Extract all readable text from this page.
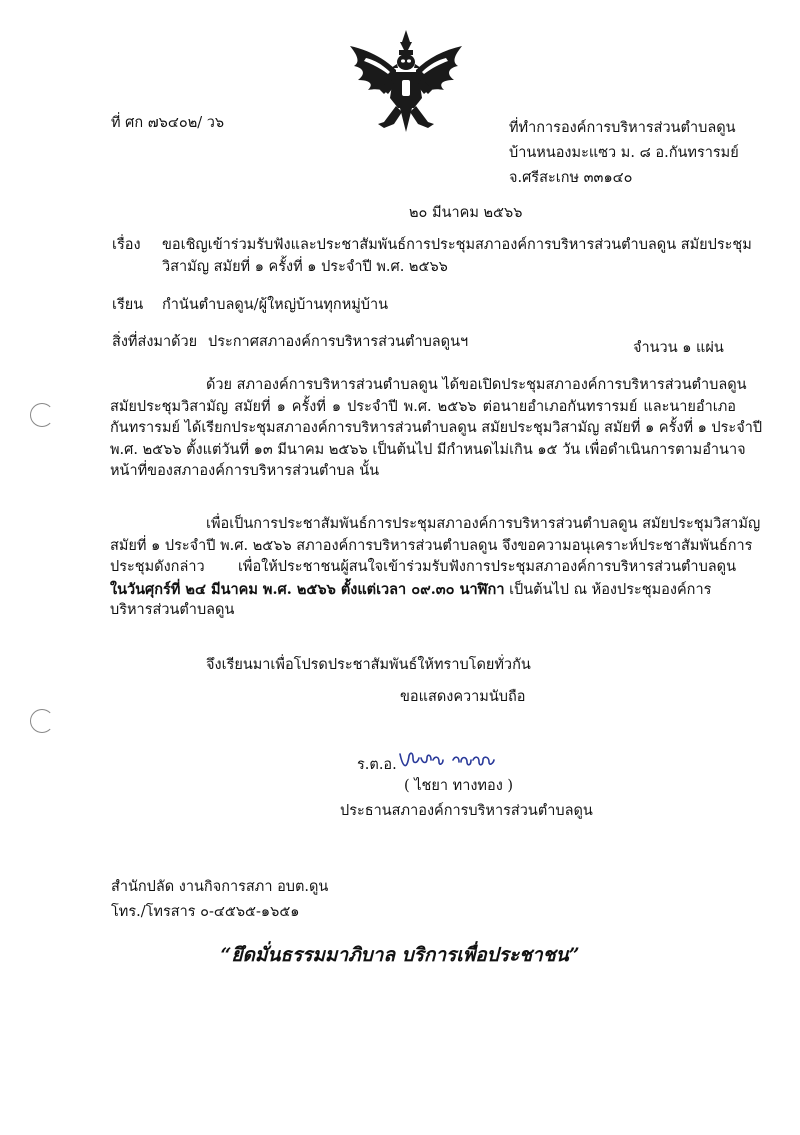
ที่ ศก ๗๖๔๐๒/ ว๖	ที่ทำการองค์การบริหารส่วนตำบลดูน
บ้านหนองมะแซว ม. ๘ อ.กันทรารมย์
จ.ศรีสะเกษ ๓๓๑๔๐
๒๐ มีนาคม ๒๕๖๖
เรื่อง ขอเชิญเข้าร่วมรับฟังและประชาสัมพันธ์การประชุมสภาองค์การบริหารส่วนตำบลดูน สมัยประชุม
วิสามัญ สมัยที่ ๑ ครั้งที่ ๑ ประจำปี พ.ศ. ๒๕๖๖
เรียน กำนันตำบลดูน/ผู้ใหญ่บ้านทุกหมู่บ้าน
สิ่งที่ส่งมาด้วย ประกาศสภาองค์การบริหารส่วนตำบลดูนฯ	จำนวน ๑ แผ่น
ด้วย สภาองค์การบริหารส่วนตำบลดูน ได้ขอเปิดประชุมสภาองค์การบริหารส่วนตำบลดูน
สมัยประชุมวิสามัญ สมัยที่ ๑ ครั้งที่ ๑ ประจำปี พ.ศ. ๒๕๖๖ ต่อนายอำเภอกันทรารมย์ และนายอำเภอ
กันทรารมย์ ได้เรียกประชุมสภาองค์การบริหารส่วนตำบลดูน สมัยประชุมวิสามัญ สมัยที่ ๑ ครั้งที่ ๑ ประจำปี
พ.ศ. ๒๕๖๖ ตั้งแต่วันที่ ๑๓ มีนาคม ๒๕๖๖ เป็นต้นไป มีกำหนดไม่เกิน ๑๕ วัน เพื่อดำเนินการตามอำนาจ
หน้าที่ของสภาองค์การบริหารส่วนตำบล นั้น
เพื่อเป็นการประชาสัมพันธ์การประชุมสภาองค์การบริหารส่วนตำบลดูน สมัยประชุมวิสามัญ
สมัยที่ ๑ ประจำปี พ.ศ. ๒๕๖๖ สภาองค์การบริหารส่วนตำบลดูน จึงขอความอนุเคราะห์ประชาสัมพันธ์การ
ประชุมดังกล่าว เพื่อให้ประชาชนผู้สนใจเข้าร่วมรับฟังการประชุมสภาองค์การบริหารส่วนตำบลดูน
ในวันศุกร์ที่ ๒๔ มีนาคม พ.ศ. ๒๕๖๖ ตั้งแต่เวลา ๐๙.๓๐ นาฬิกา เป็นต้นไป ณ ห้องประชุมองค์การ
บริหารส่วนตำบลดูน
จึงเรียนมาเพื่อโปรดประชาสัมพันธ์ให้ทราบโดยทั่วกัน
ขอแสดงความนับถือ
ร.ต.อ.
( ไชยา ทางทอง )
ประธานสภาองค์การบริหารส่วนตำบลดูน
สำนักปลัด งานกิจการสภา อบต.ดูน
โทร./โทรสาร ๐-๔๕๖๕-๑๖๕๑
“ยึดมั่นธรรมมาภิบาล บริการเพื่อประชาชน”
